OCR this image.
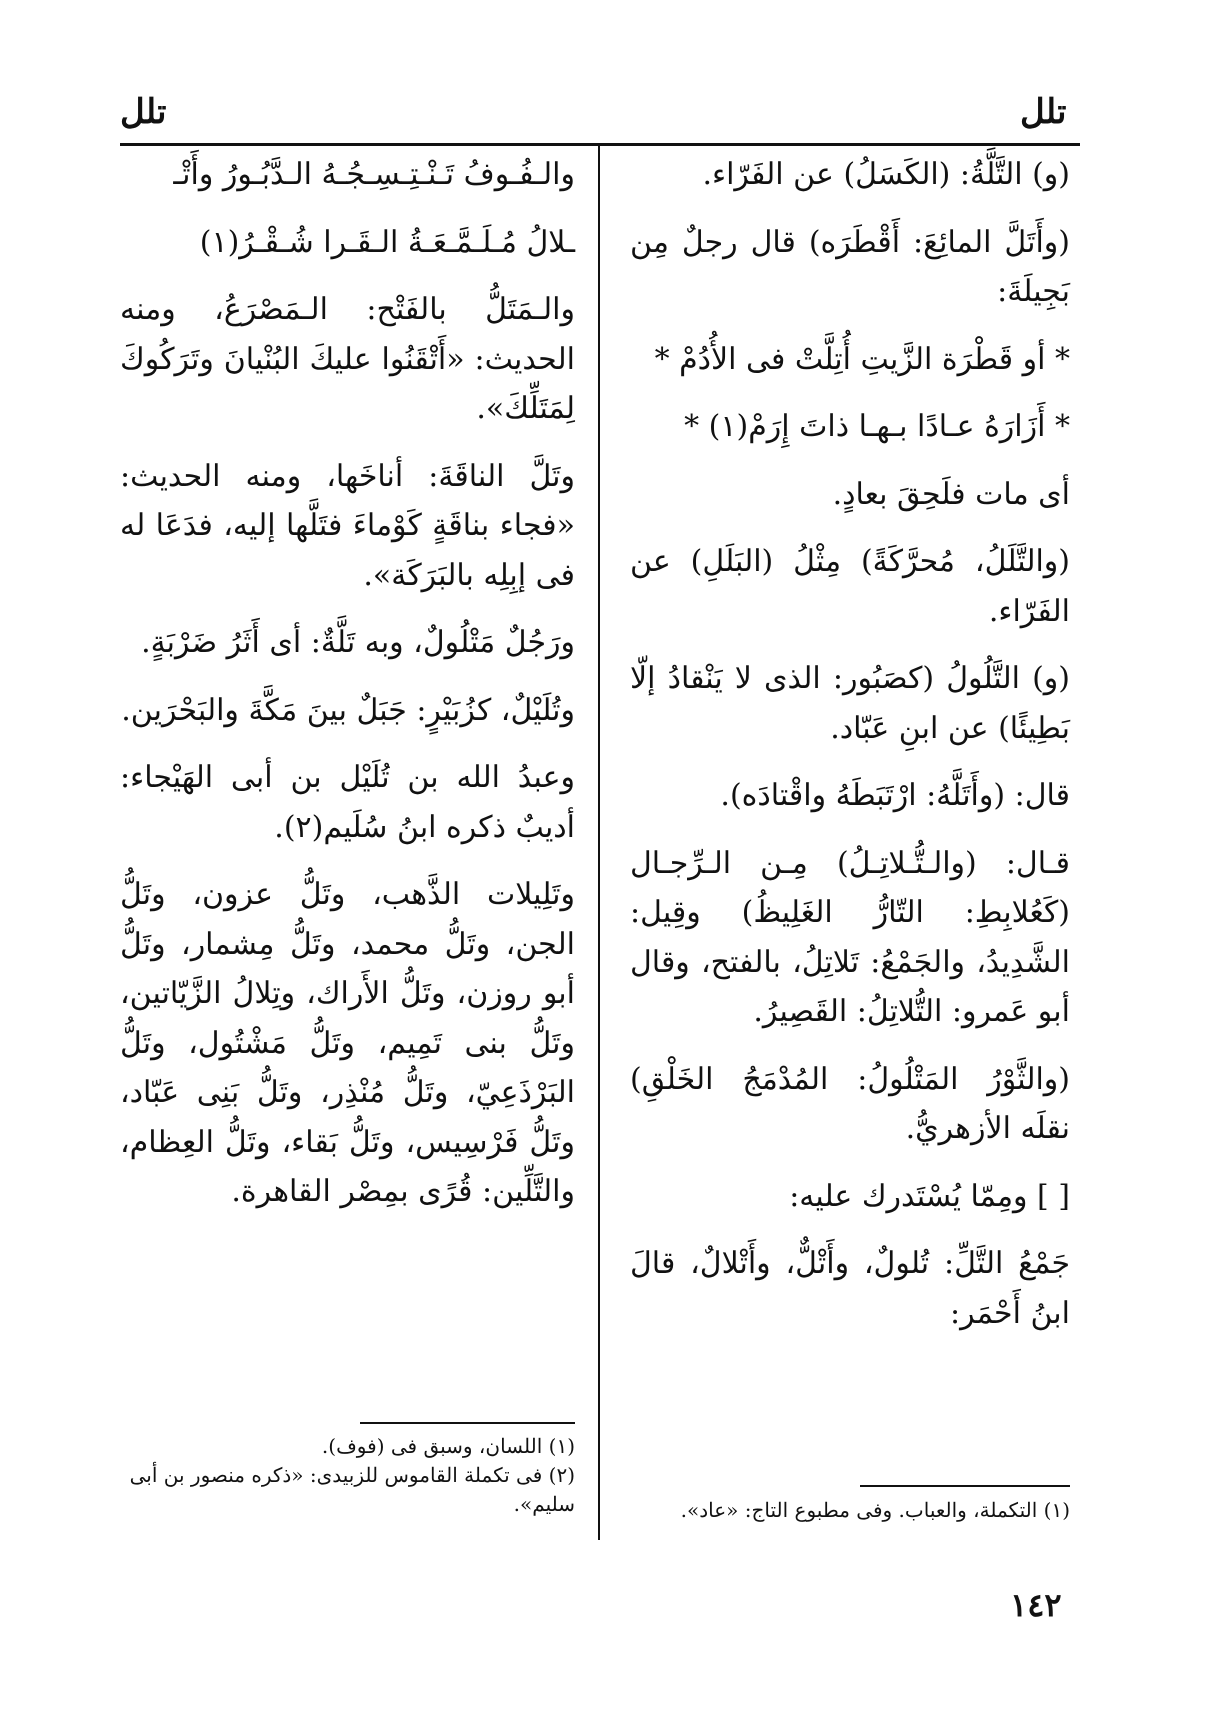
تلل
تلل

(و) التَّلَّةُ: (الكَسَلُ) عن الفَرّاء.

(وأَتَلَّ المائِعَ: أَقْطَرَه) قال رجلٌ مِن بَجِيلَةَ:

* أو قَطْرَة الزَّيتِ أُتِلَّتْ فى الأُدُمْ *

* أَزَارَهُ عـادًا بـهـا ذاتَ إِرَمْ(١) *

أى مات فلَحِقَ بعادٍ.

(والتَّلَلُ، مُحرَّكَةً) مِثْلُ (البَلَلِ) عن الفَرّاء.

(و) التَّلُولُ (كصَبُور: الذى لا يَنْقادُ إلّا بَطِيئًا) عن ابنِ عَبّاد.

قال: (وأَتَلَّهُ: ارْتَبَطَهُ واقْتادَه).

قـال: (والـتُّـلاتِـلُ) مِـن الـرِّجـال (كَعُلابِطِ: التّارُّ الغَلِيظُ) وقِيل: الشَّدِيدُ، والجَمْعُ: تَلاتِلُ، بالفتح، وقال أبو عَمرو: التُّلاتِلُ: القَصِيرُ.

(والثَّوْرُ المَتْلُولُ: المُدْمَجُ الخَلْقِ) نقلَه الأزهريُّ.

[ ] ومِمّا يُسْتَدرك عليه:

جَمْعُ التَّلِّ: تُلولٌ، وأَتْلٌّ، وأَتْلالٌ، قالَ ابنُ أَحْمَر:

والـفُـوفُ تَـنْـتِـسِـجُـهُ الـدَّبُـورُ وأَتْـ

ـلالُ مُـلَـمَّـعَـةُ الـقَـرا شُـقْـرُ(١)

والـمَتَلُّ بالفَتْح: الـمَصْرَعُ، ومنه الحديث: «أَتْقَنُوا عليكَ البُنْيانَ وتَرَكُوكَ لِمَتَلِّكَ».

وتَلَّ الناقَةَ: أناخَها، ومنه الحديث: «فجاء بناقَةٍ كَوْماءَ فتَلَّها إليه، فدَعَا له فى إبِلِه بالبَرَكَة».

ورَجُلٌ مَتْلُولٌ، وبه تَلَّةٌ: أى أَثَرُ ضَرْبَةٍ.

وتُلَيْلٌ، كزُبَيْرٍ: جَبَلٌ بينَ مَكَّةَ والبَحْرَين.

وعبدُ الله بن تُلَيْل بن أبى الهَيْجاء: أديبٌ ذكره ابنُ سُلَيم(٢).

وتَلِيلات الذَّهب، وتَلُّ عزون، وتَلُّ الجن، وتَلُّ محمد، وتَلُّ مِشمار، وتَلُّ أبو روزن، وتَلُّ الأَراك، وتِلالُ الزَّيّاتين، وتَلُّ بنى تَمِيم، وتَلُّ مَشْتُول، وتَلُّ البَرْذَعِيّ، وتَلُّ مُنْذِر، وتَلُّ بَنِى عَبّاد، وتَلُّ فَرْسِيس، وتَلُّ بَقاء، وتَلُّ العِظام، والتَّلِّين: قُرًى بمِصْر القاهرة.

(١) التكملة، والعباب. وفى مطبوع التاج: «عاد».
(١) اللسان، وسبق فى (فوف).
(٢) فى تكملة القاموس للزبيدى: «ذكره منصور بن أبى سليم».
١٤٢
